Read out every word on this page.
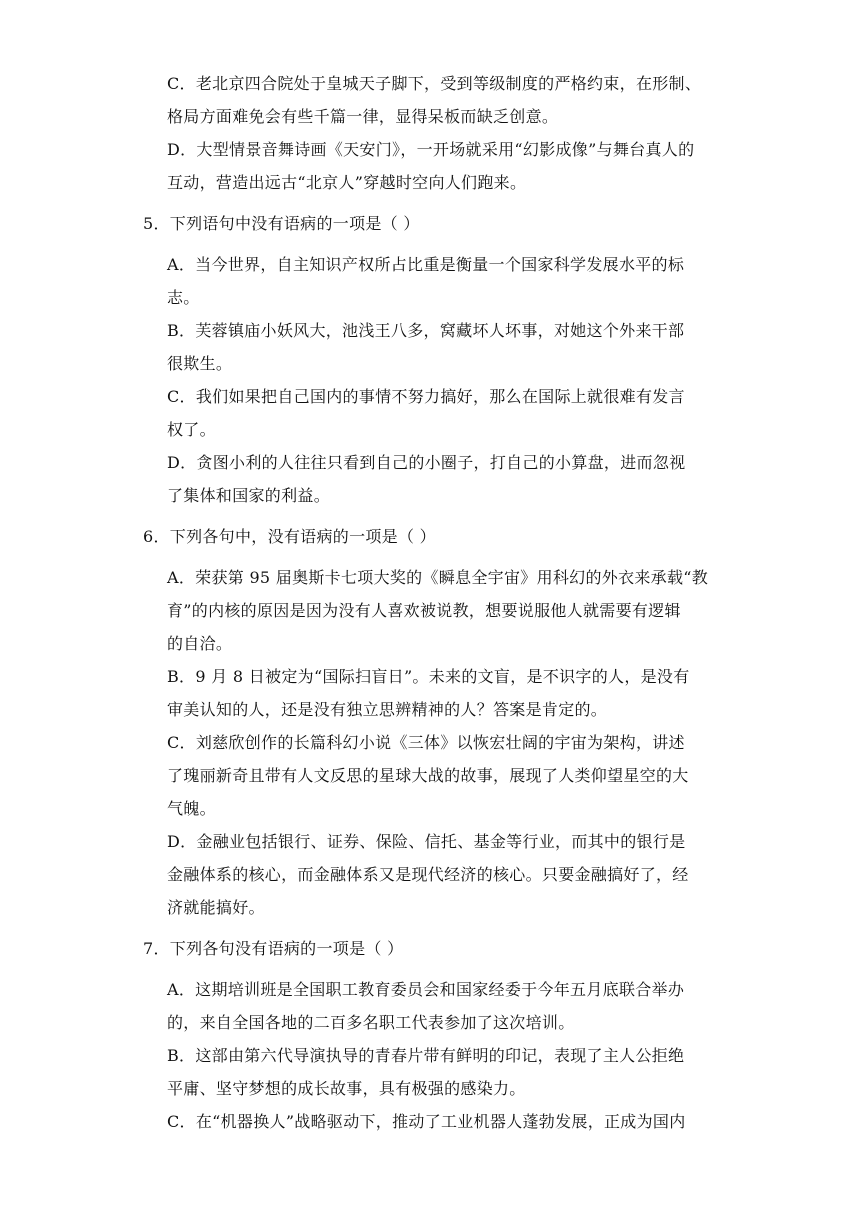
C．老北京四合院处于皇城天子脚下，受到等级制度的严格约束，在形制、
格局方面难免会有些千篇一律，显得呆板而缺乏创意。
D．大型情景音舞诗画《天安门》，一开场就采用“幻影成像”与舞台真人的
互动，营造出远古“北京人”穿越时空向人们跑来。
5．下列语句中没有语病的一项是（ ）
A．当今世界，自主知识产权所占比重是衡量一个国家科学发展水平的标
志。
B．芙蓉镇庙小妖风大，池浅王八多，窝藏坏人坏事，对她这个外来干部
很欺生。
C．我们如果把自己国内的事情不努力搞好，那么在国际上就很难有发言
权了。
D．贪图小利的人往往只看到自己的小圈子，打自己的小算盘，进而忽视
了集体和国家的利益。
6．下列各句中，没有语病的一项是（ ）
A．荣获第 95 届奥斯卡七项大奖的《瞬息全宇宙》用科幻的外衣来承载“教
育”的内核的原因是因为没有人喜欢被说教，想要说服他人就需要有逻辑
的自洽。
B．9 月 8 日被定为“国际扫盲日”。未来的文盲，是不识字的人，是没有
审美认知的人，还是没有独立思辨精神的人？答案是肯定的。
C．刘慈欣创作的长篇科幻小说《三体》以恢宏壮阔的宇宙为架构，讲述
了瑰丽新奇且带有人文反思的星球大战的故事，展现了人类仰望星空的大
气魄。
D．金融业包括银行、证券、保险、信托、基金等行业，而其中的银行是
金融体系的核心，而金融体系又是现代经济的核心。只要金融搞好了，经
济就能搞好。
7．下列各句没有语病的一项是（ ）
A．这期培训班是全国职工教育委员会和国家经委于今年五月底联合举办
的，来自全国各地的二百多名职工代表参加了这次培训。
B．这部由第六代导演执导的青春片带有鲜明的印记，表现了主人公拒绝
平庸、坚守梦想的成长故事，具有极强的感染力。
C．在“机器换人”战略驱动下，推动了工业机器人蓬勃发展，正成为国内
